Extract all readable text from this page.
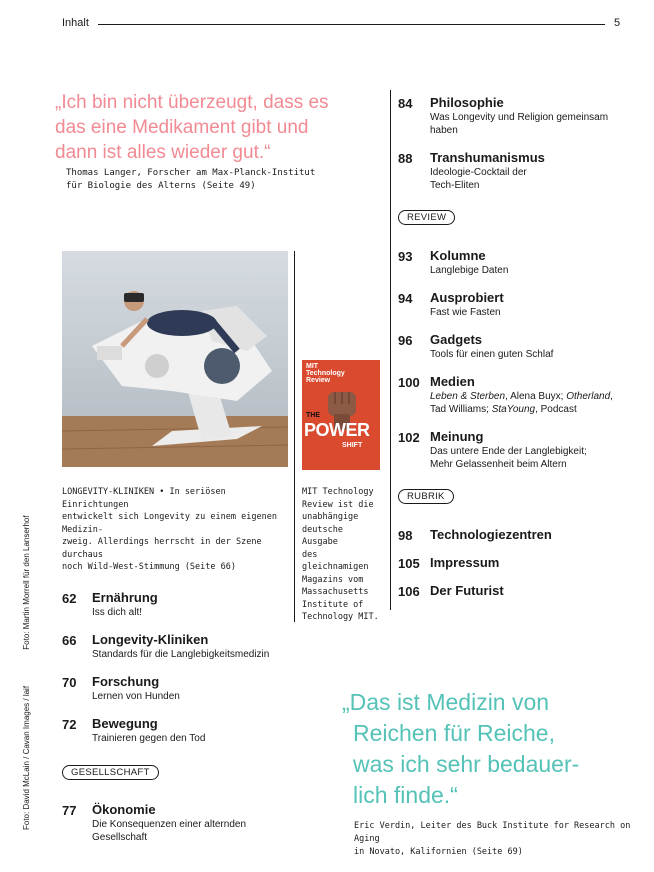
Inhalt	5
„Ich bin nicht überzeugt, dass es das eine Medikament gibt und dann ist alles wieder gut.“
Thomas Langer, Forscher am Max-Planck-Institut
für Biologie des Alterns (Seite 49)
MIT
Technology
Review
THE
POWER
SHIFT
LONGEVITY-KLINIKEN • In seriösen Einrichtungen
entwickelt sich Longevity zu einem eigenen Medizin-
zweig. Allerdings herrscht in der Szene durchaus
noch Wild-West-Stimmung (Seite 66)
MIT Technology
Review ist die
unabhängige
deutsche Ausgabe
des gleichnamigen
Magazins vom
Massachusetts
Institute of
Technology MIT.
Foto: David McLain / Cavan Images / laif Foto: Martin Morrell für den Lanserhof 62 Ernährung
Iss dich alt!
66 Longevity-Kliniken
Standards für die Langlebigkeitsmedizin
70 Forschung
Lernen von Hunden
72 Bewegung
Trainieren gegen den Tod
GESELLSCHAFT
77 Ökonomie
Die Konsequenzen einer alternden
Gesellschaft
84 Philosophie
Was Longevity und Religion gemeinsam
haben
88 Transhumanismus
Ideologie-Cocktail der
Tech-Eliten
REVIEW
93 Kolumne
Langlebige Daten
94 Ausprobiert
Fast wie Fasten
96 Gadgets
Tools für einen guten Schlaf
100 Medien
Leben & Sterben, Alena Buyx; Otherland,
Tad Williams; StaYoung, Podcast
102 Meinung
Das untere Ende der Langlebigkeit;
Mehr Gelassenheit beim Altern
RUBRIK
98 Technologiezentren
105 Impressum
106 Der Futurist
„Das ist Medizin von
Reichen für Reiche,
was ich sehr bedauer-
lich finde.“
Eric Verdin, Leiter des Buck Institute for Research on Aging
in Novato, Kalifornien (Seite 69)
